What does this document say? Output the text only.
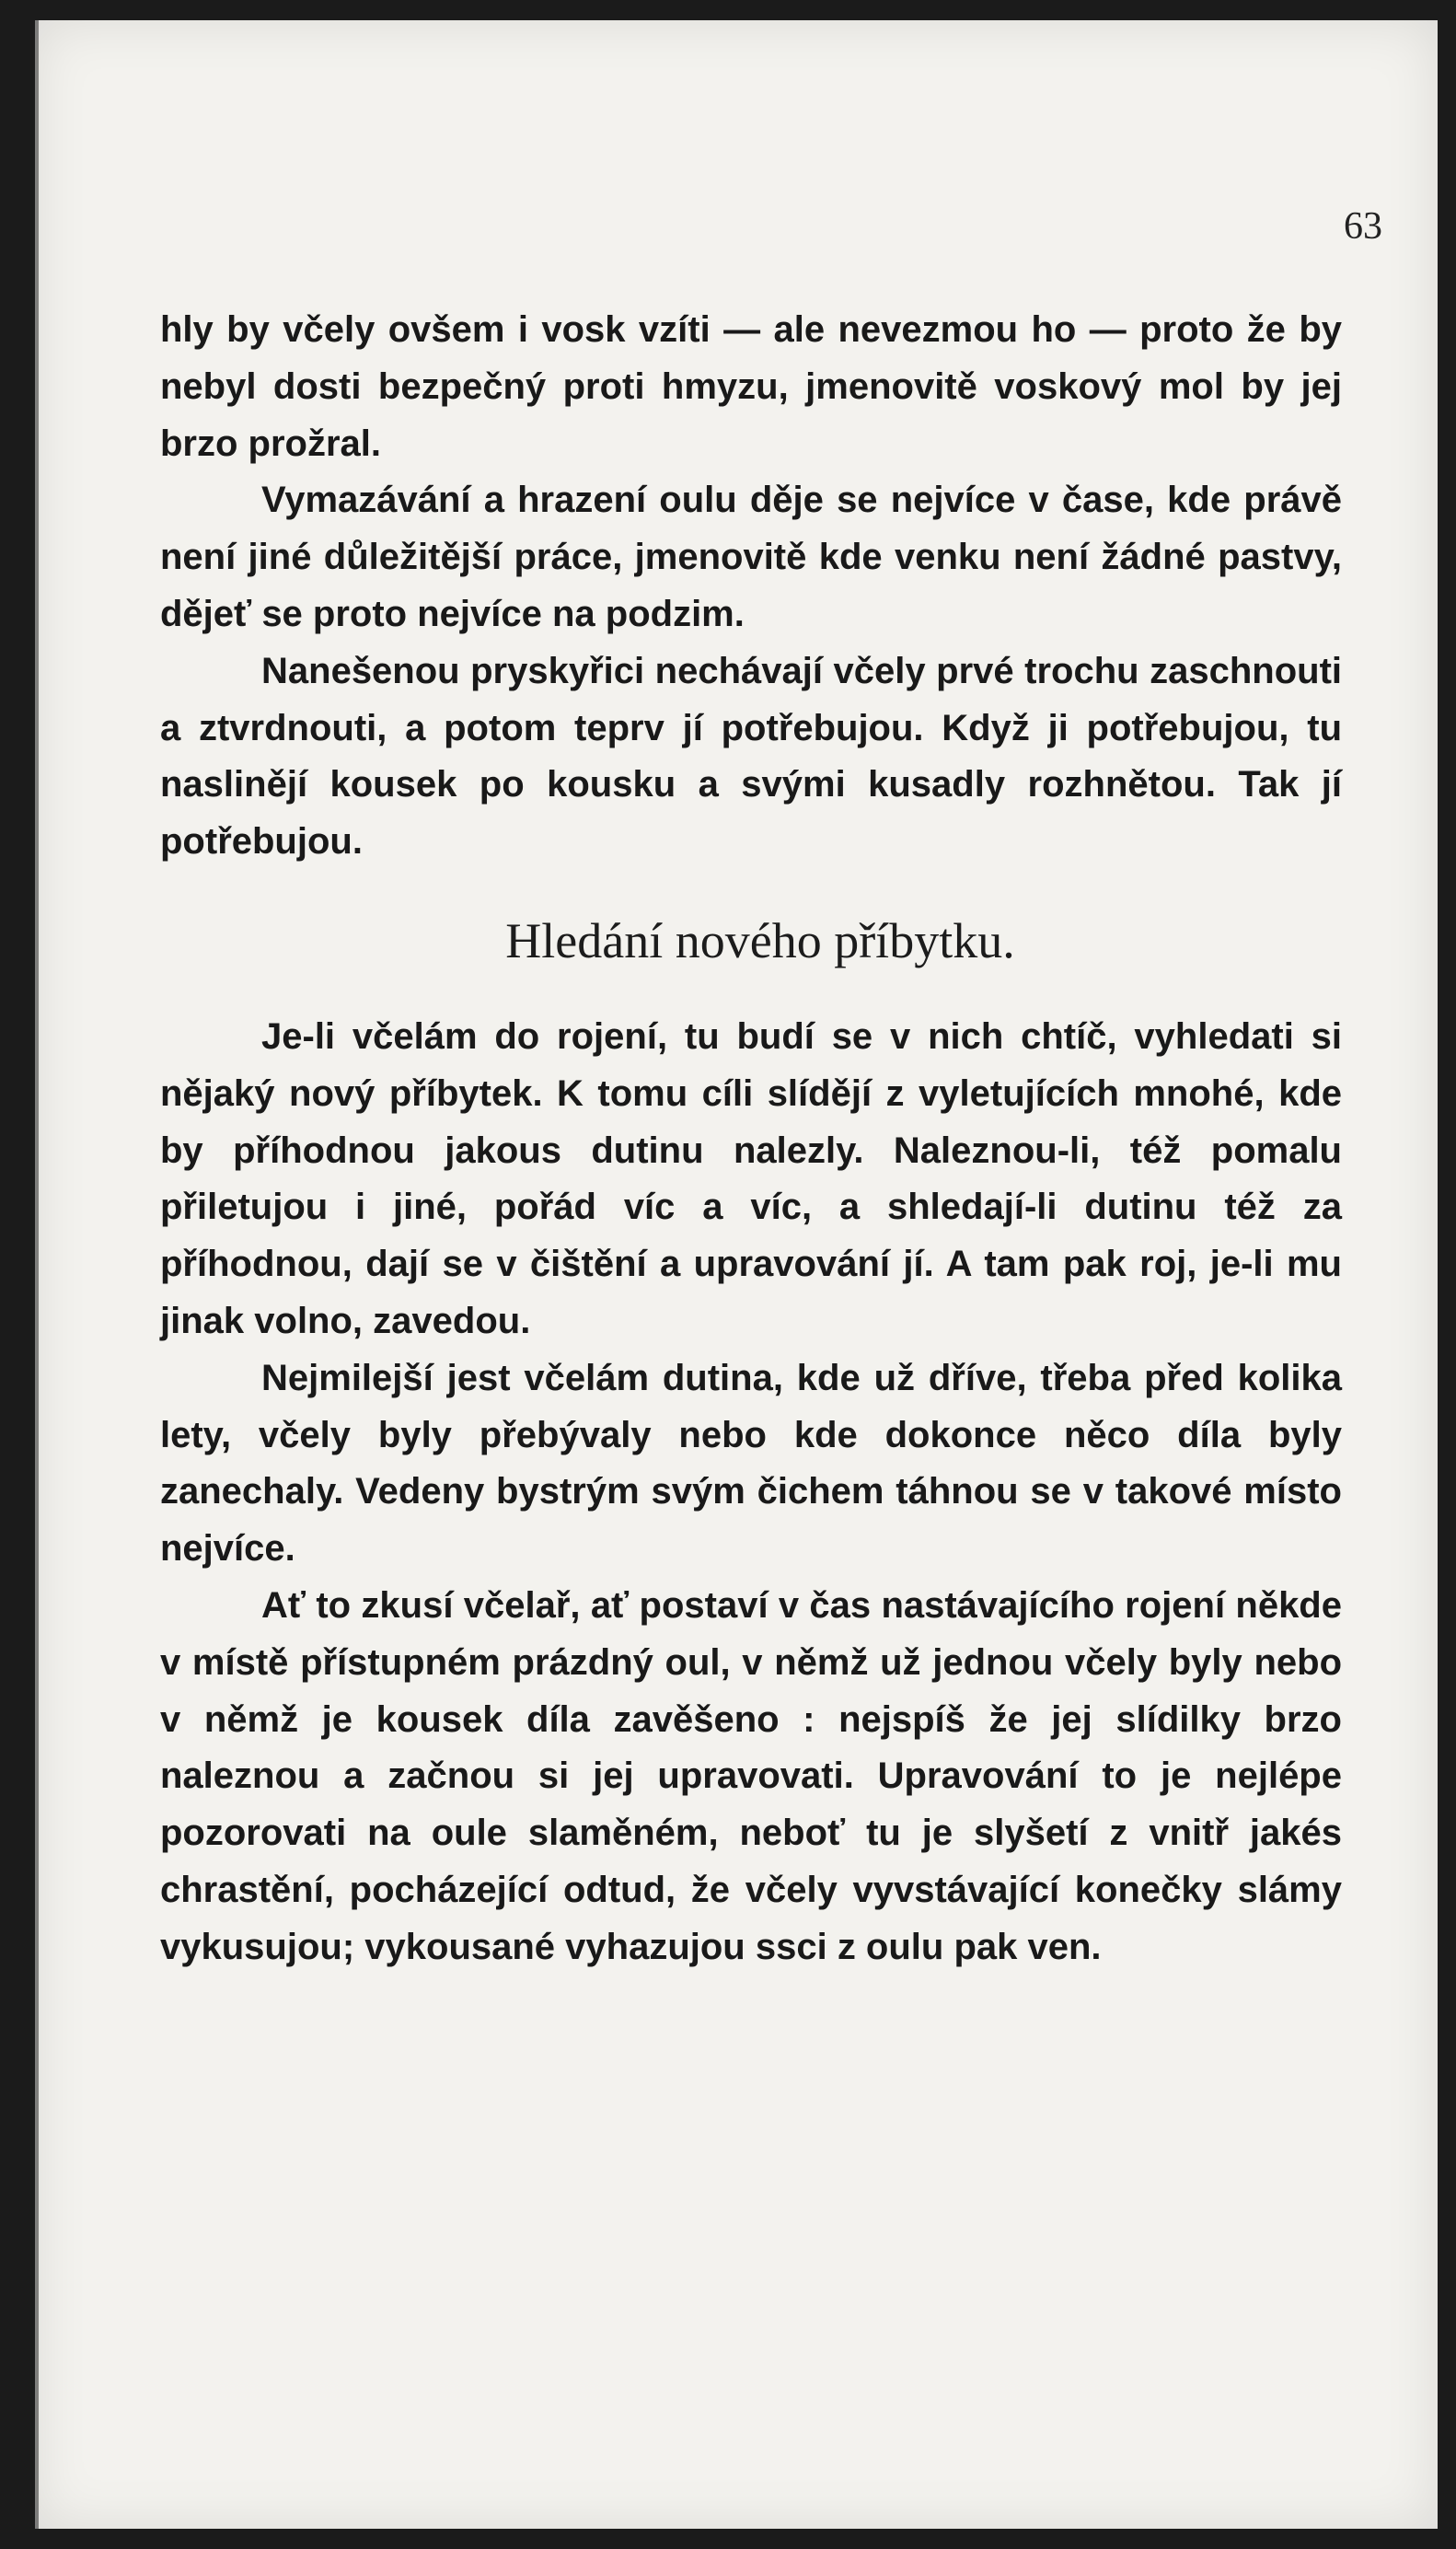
63

hly by včely ovšem i vosk vzíti — ale nevezmou ho — proto že by nebyl dosti bezpečný proti hmyzu, jmenovitě voskový mol by jej brzo prožral.

Vymazávání a hrazení oulu děje se nejvíce v čase, kde právě není jiné důležitější práce, jmenovitě kde venku není žádné pastvy, dějeť se proto nejvíce na podzim.

Nanešenou pryskyřici nechávají včely prvé trochu zaschnouti a ztvrdnouti, a potom teprv jí potřebujou. Když ji potřebujou, tu naslinějí kousek po kousku a svými kusadly rozhnětou. Tak jí potřebujou.

Hledání nového příbytku.

Je-li včelám do rojení, tu budí se v nich chtíč, vyhledati si nějaký nový příbytek. K tomu cíli slídějí z vyletujících mnohé, kde by příhodnou jakous dutinu nalezly. Naleznou-li, též pomalu přiletujou i jiné, pořád víc a víc, a shledají-li dutinu též za příhodnou, dají se v čištění a upravování jí. A tam pak roj, je-li mu jinak volno, zavedou.

Nejmilejší jest včelám dutina, kde už dříve, třeba před kolika lety, včely byly přebývaly nebo kde dokonce něco díla byly zanechaly. Vedeny bystrým svým čichem táhnou se v takové místo nejvíce.

Ať to zkusí včelař, ať postaví v čas nastávajícího rojení někde v místě přístupném prázdný oul, v němž už jednou včely byly nebo v němž je kousek díla zavěšeno : nejspíš že jej slídilky brzo naleznou a začnou si jej upravovati. Upravování to je nejlépe pozorovati na oule slaměném, neboť tu je slyšetí z vnitř jakés chrastění, pocházející odtud, že včely vyvstávající konečky slámy vykusujou; vykousané vyhazujou ssci z oulu pak ven.
